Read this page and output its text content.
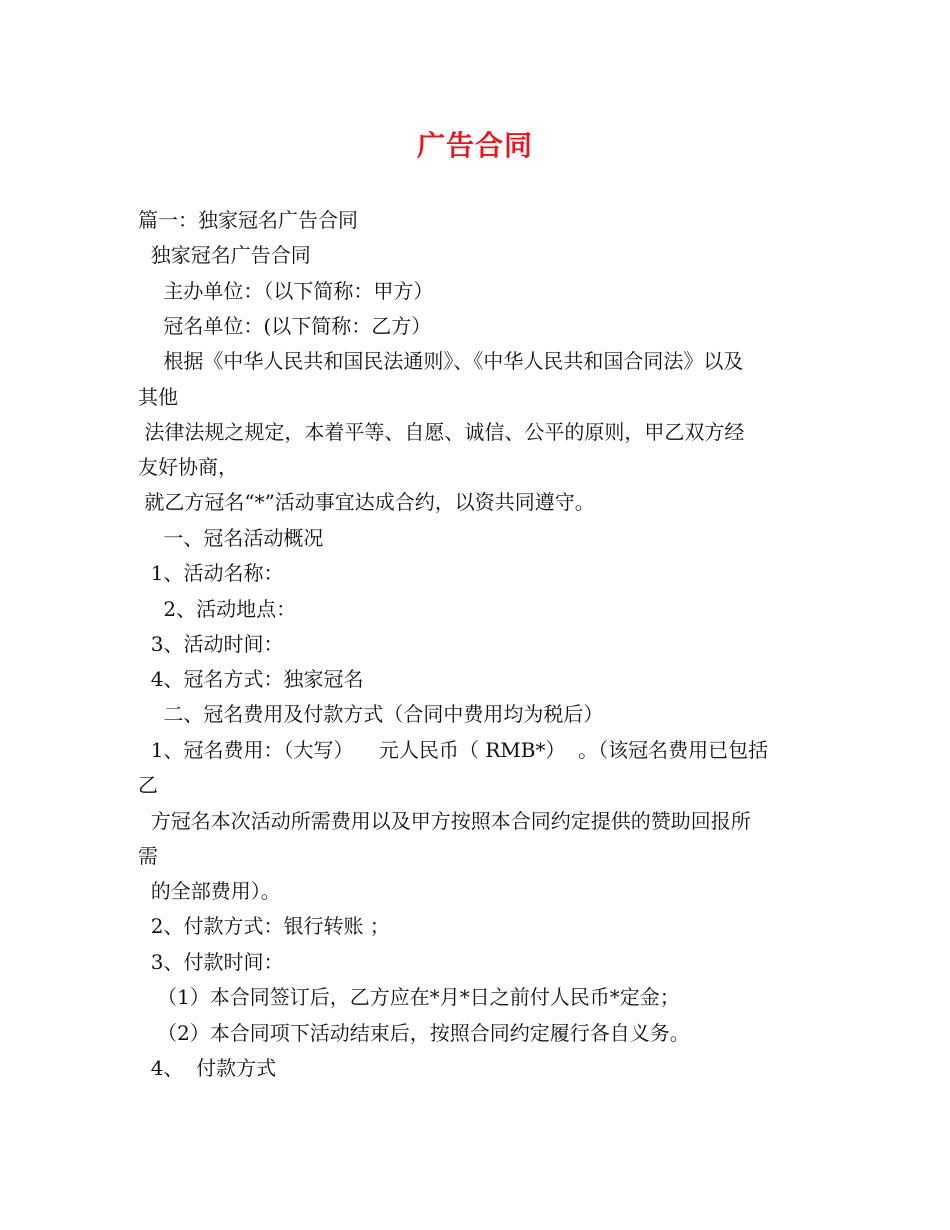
广告合同
篇一：独家冠名广告合同
独家冠名广告合同
主办单位：（以下简称：甲方）
冠名单位：(以下简称：乙方）
根据《中华人民共和国民法通则》、《中华人民共和国合同法》以及
其他
法律法规之规定，本着平等、自愿、诚信、公平的原则，甲乙双方经
友好协商，
就乙方冠名“*”活动事宜达成合约，以资共同遵守。
一、冠名活动概况
1、活动名称：
2、活动地点：
3、活动时间：
4、冠名方式：独家冠名
二、冠名费用及付款方式（合同中费用均为税后）
1、冠名费用：（大写）    元人民币（ RMB*）  。（该冠名费用已包括
乙
方冠名本次活动所需费用以及甲方按照本合同约定提供的赞助回报所
需
的全部费用）。
2、付款方式：银行转账 ；
3、付款时间：
（1）本合同签订后，乙方应在*月*日之前付人民币*定金；
（2）本合同项下活动结束后，按照合同约定履行各自义务。
4、  付款方式
